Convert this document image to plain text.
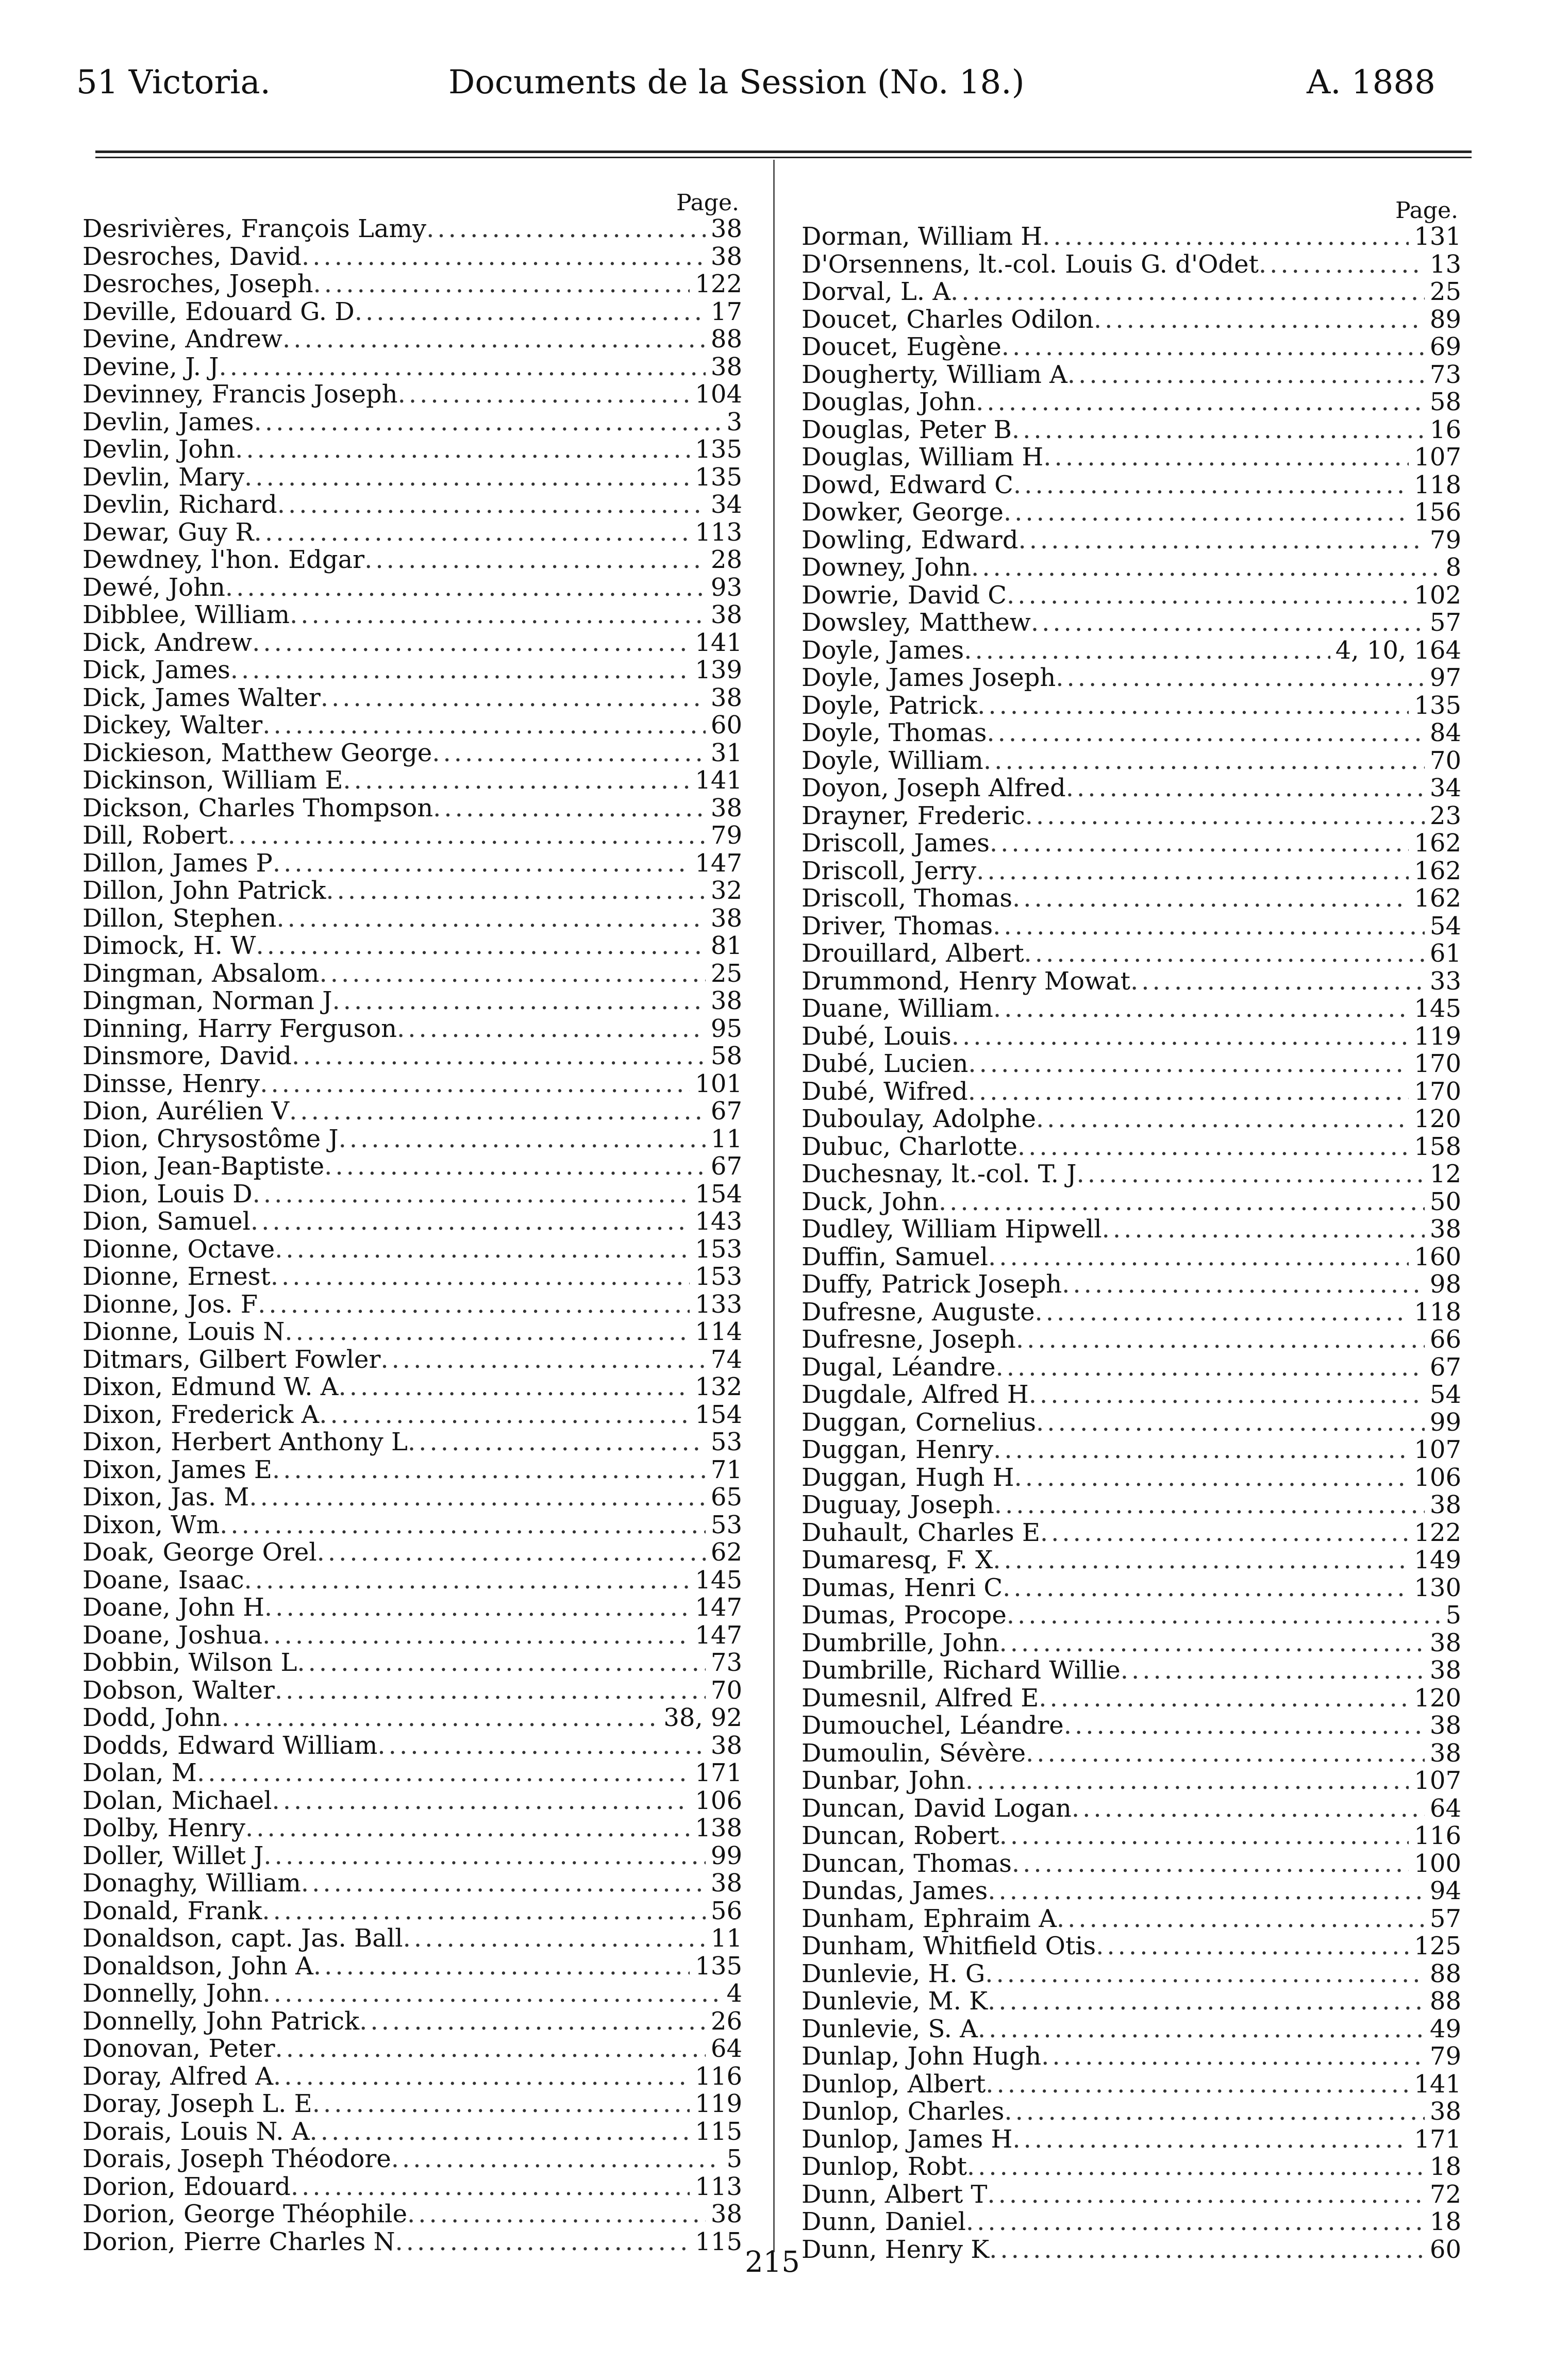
51 Victoria.	Documents de la Session (No. 18.)	A. 1888
Page.
Desrivières, François Lamy .....	38
Desroches, David .....	38
Desroches, Joseph .....	122
Deville, Edouard G. D .....	17
Devine, Andrew .....	88
Devine, J. J .....	38
Devinney, Francis Joseph .....	104
Devlin, James .....	3
Devlin, John .....	135
Devlin, Mary .....	135
Devlin, Richard .....	34
Dewar, Guy R .....	113
Dewdney, l'hon. Edgar .....	28
Dewé, John .....	93
Dibblee, William .....	38
Dick, Andrew .....	141
Dick, James .....	139
Dick, James Walter .....	38
Dickey, Walter .....	60
Dickieson, Matthew George .....	31
Dickinson, William E .....	141
Dickson, Charles Thompson .....	38
Dill, Robert .....	79
Dillon, James P .....	147
Dillon, John Patrick .....	32
Dillon, Stephen .....	38
Dimock, H. W .....	81
Dingman, Absalom .....	25
Dingman, Norman J .....	38
Dinning, Harry Ferguson .....	95
Dinsmore, David .....	58
Dinsse, Henry .....	101
Dion, Aurélien V .....	67
Dion, Chrysostôme J .....	11
Dion, Jean-Baptiste .....	67
Dion, Louis D .....	154
Dion, Samuel .....	143
Dionne, Octave .....	153
Dionne, Ernest .....	153
Dionne, Jos. F .....	133
Dionne, Louis N .....	114
Ditmars, Gilbert Fowler .....	74
Dixon, Edmund W. A .....	132
Dixon, Frederick A .....	154
Dixon, Herbert Anthony L .....	53
Dixon, James E .....	71
Dixon, Jas. M .....	65
Dixon, Wm .....	53
Doak, George Orel .....	62
Doane, Isaac .....	145
Doane, John H .....	147
Doane, Joshua .....	147
Dobbin, Wilson L .....	73
Dobson, Walter .....	70
Dodd, John .....	38, 92
Dodds, Edward William .....	38
Dolan, M .....	171
Dolan, Michael .....	106
Dolby, Henry .....	138
Doller, Willet J .....	99
Donaghy, William .....	38
Donald, Frank .....	56
Donaldson, capt. Jas. Ball .....	11
Donaldson, John A .....	135
Donnelly, John .....	4
Donnelly, John Patrick .....	26
Donovan, Peter .....	64
Doray, Alfred A .....	116
Doray, Joseph L. E .....	119
Dorais, Louis N. A .....	115
Dorais, Joseph Théodore .....	5
Dorion, Edouard .....	113
Dorion, George Théophile .....	38
Dorion, Pierre Charles N .....	115
Page.
Dorman, William H .....	131
D'Orsennens, lt.-col. Louis G. d'Odet .....	13
Dorval, L. A .....	25
Doucet, Charles Odilon .....	89
Doucet, Eugène .....	69
Dougherty, William A .....	73
Douglas, John .....	58
Douglas, Peter B .....	16
Douglas, William H .....	107
Dowd, Edward C .....	118
Dowker, George .....	156
Dowling, Edward .....	79
Downey, John .....	8
Dowrie, David C .....	102
Dowsley, Matthew .....	57
Doyle, James .....	4, 10, 164
Doyle, James Joseph .....	97
Doyle, Patrick .....	135
Doyle, Thomas .....	84
Doyle, William .....	70
Doyon, Joseph Alfred .....	34
Drayner, Frederic .....	23
Driscoll, James .....	162
Driscoll, Jerry .....	162
Driscoll, Thomas .....	162
Driver, Thomas .....	54
Drouillard, Albert .....	61
Drummond, Henry Mowat .....	33
Duane, William .....	145
Dubé, Louis .....	119
Dubé, Lucien .....	170
Dubé, Wifred .....	170
Duboulay, Adolphe .....	120
Dubuc, Charlotte .....	158
Duchesnay, lt.-col. T. J .....	12
Duck, John .....	50
Dudley, William Hipwell .....	38
Duffin, Samuel .....	160
Duffy, Patrick Joseph .....	98
Dufresne, Auguste .....	118
Dufresne, Joseph .....	66
Dugal, Léandre .....	67
Dugdale, Alfred H .....	54
Duggan, Cornelius .....	99
Duggan, Henry .....	107
Duggan, Hugh H .....	106
Duguay, Joseph .....	38
Duhault, Charles E .....	122
Dumaresq, F. X .....	149
Dumas, Henri C .....	130
Dumas, Procope .....	5
Dumbrille, John .....	38
Dumbrille, Richard Willie .....	38
Dumesnil, Alfred E .....	120
Dumouchel, Léandre .....	38
Dumoulin, Sévère .....	38
Dunbar, John .....	107
Duncan, David Logan .....	64
Duncan, Robert .....	116
Duncan, Thomas .....	100
Dundas, James .....	94
Dunham, Ephraim A .....	57
Dunham, Whitfield Otis .....	125
Dunlevie, H. G .....	88
Dunlevie, M. K .....	88
Dunlevie, S. A .....	49
Dunlap, John Hugh .....	79
Dunlop, Albert .....	141
Dunlop, Charles .....	38
Dunlop, James H .....	171
Dunlop, Robt .....	18
Dunn, Albert T .....	72
Dunn, Daniel .....	18
Dunn, Henry K .....	60
215
